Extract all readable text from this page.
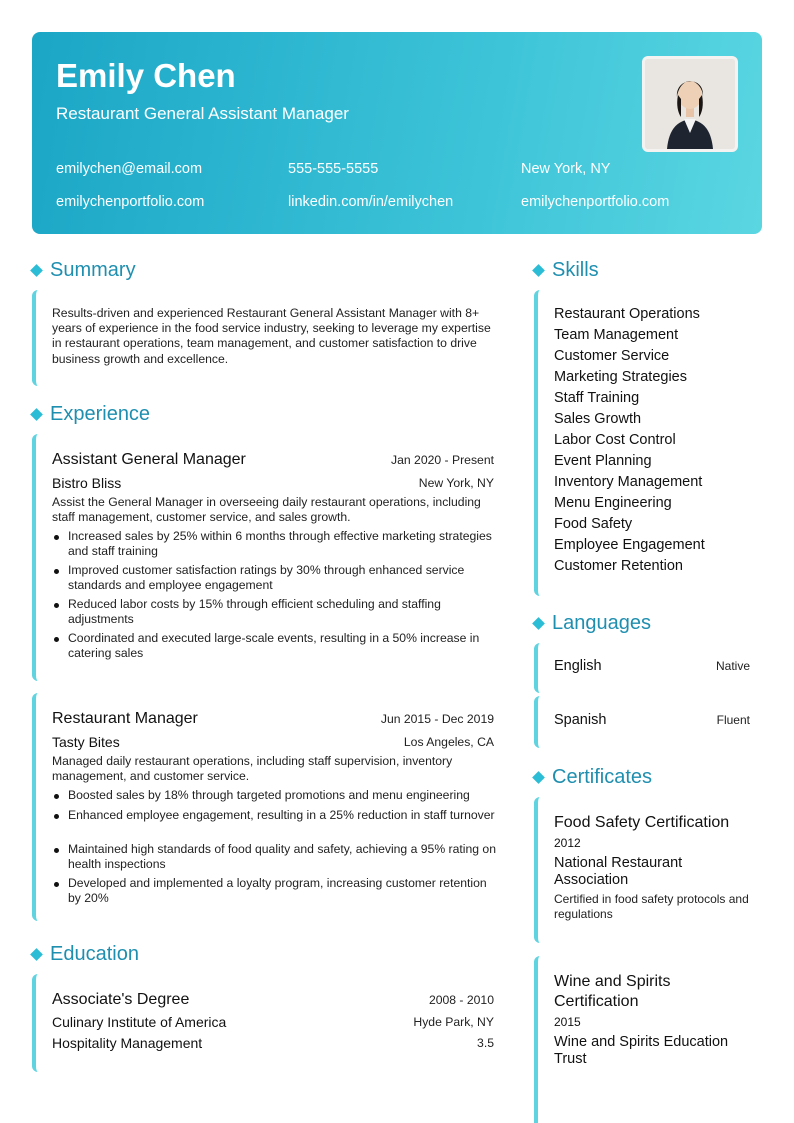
Emily Chen
Restaurant General Assistant Manager
emilychen@email.com	555-555-5555	New York, NY
emilychenportfolio.com	linkedin.com/in/emilychen	emilychenportfolio.com
Summary
Results-driven and experienced Restaurant General Assistant Manager with 8+ years of experience in the food service industry, seeking to leverage my expertise in restaurant operations, team management, and customer satisfaction to drive business growth and excellence.
Experience
Assistant General Manager	Jan 2020 - Present
Bistro Bliss	New York, NY
Assist the General Manager in overseeing daily restaurant operations, including staff management, customer service, and sales growth.
Increased sales by 25% within 6 months through effective marketing strategies and staff training
Improved customer satisfaction ratings by 30% through enhanced service standards and employee engagement
Reduced labor costs by 15% through efficient scheduling and staffing adjustments
Coordinated and executed large-scale events, resulting in a 50% increase in catering sales
Restaurant Manager	Jun 2015 - Dec 2019
Tasty Bites	Los Angeles, CA
Managed daily restaurant operations, including staff supervision, inventory management, and customer service.
Boosted sales by 18% through targeted promotions and menu engineering
Enhanced employee engagement, resulting in a 25% reduction in staff turnover
Maintained high standards of food quality and safety, achieving a 95% rating on health inspections
Developed and implemented a loyalty program, increasing customer retention by 20%
Education
Associate's Degree	2008 - 2010
Culinary Institute of America	Hyde Park, NY
Hospitality Management	3.5
Skills
Restaurant Operations
Team Management
Customer Service
Marketing Strategies
Staff Training
Sales Growth
Labor Cost Control
Event Planning
Inventory Management
Menu Engineering
Food Safety
Employee Engagement
Customer Retention
Languages
English	Native
Spanish	Fluent
Certificates
Food Safety Certification
2012
National Restaurant Association
Certified in food safety protocols and regulations
Wine and Spirits Certification
2015
Wine and Spirits Education Trust
